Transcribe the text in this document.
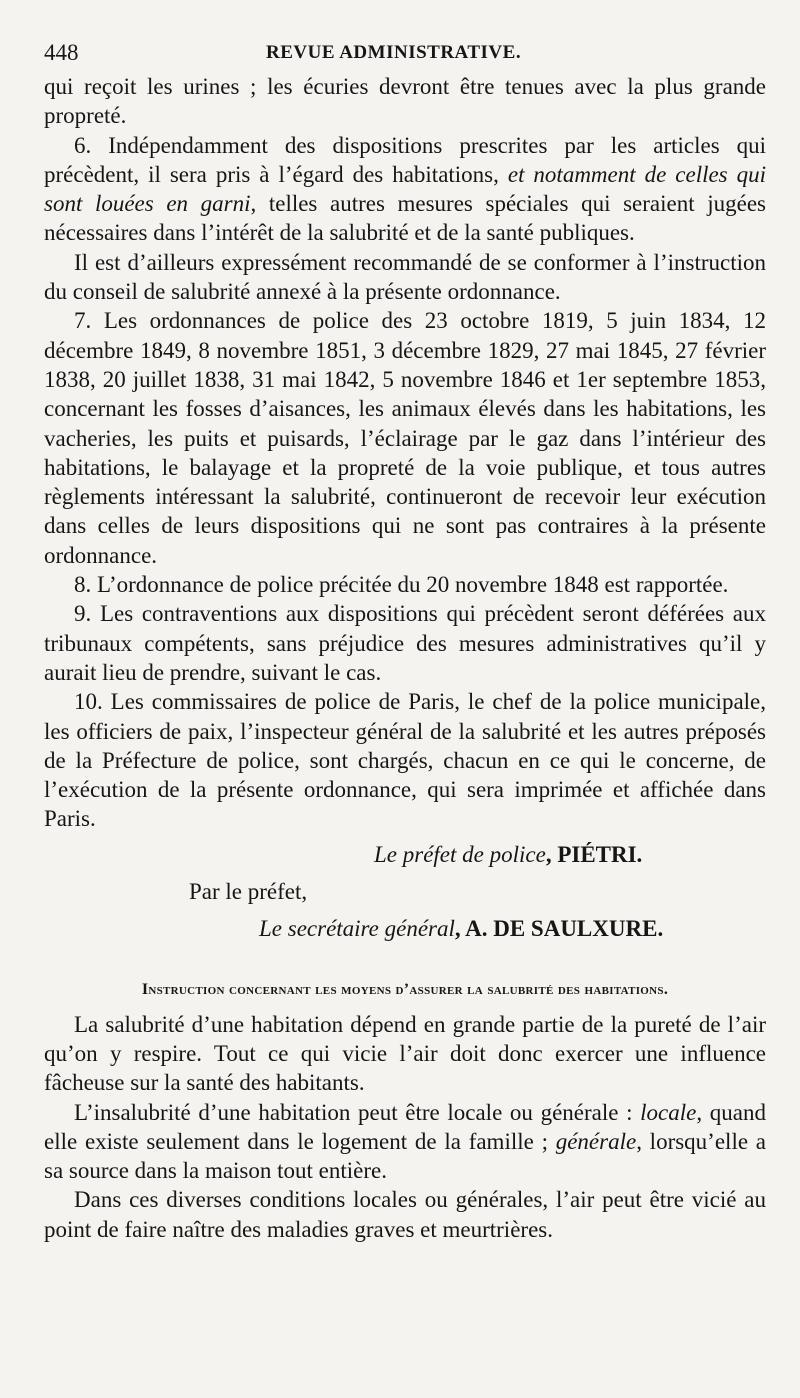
448	REVUE ADMINISTRATIVE.

qui reçoit les urines ; les écuries devront être tenues avec la plus grande propreté.

6. Indépendamment des dispositions prescrites par les articles qui précèdent, il sera pris à l’égard des habitations, et notamment de celles qui sont louées en garni, telles autres mesures spéciales qui seraient jugées nécessaires dans l’intérêt de la salubrité et de la santé publiques.

Il est d’ailleurs expressément recommandé de se conformer à l’instruction du conseil de salubrité annexé à la présente ordonnance.

7. Les ordonnances de police des 23 octobre 1819, 5 juin 1834, 12 décembre 1849, 8 novembre 1851, 3 décembre 1829, 27 mai 1845, 27 février 1838, 20 juillet 1838, 31 mai 1842, 5 novembre 1846 et 1er septembre 1853, concernant les fosses d’aisances, les animaux élevés dans les habitations, les vacheries, les puits et puisards, l’éclairage par le gaz dans l’intérieur des habitations, le balayage et la propreté de la voie publique, et tous autres règlements intéressant la salubrité, continueront de recevoir leur exécution dans celles de leurs dispositions qui ne sont pas contraires à la présente ordonnance.

8. L’ordonnance de police précitée du 20 novembre 1848 est rapportée.

9. Les contraventions aux dispositions qui précèdent seront déférées aux tribunaux compétents, sans préjudice des mesures administratives qu’il y aurait lieu de prendre, suivant le cas.

10. Les commissaires de police de Paris, le chef de la police municipale, les officiers de paix, l’inspecteur général de la salubrité et les autres préposés de la Préfecture de police, sont chargés, chacun en ce qui le concerne, de l’exécution de la présente ordonnance, qui sera imprimée et affichée dans Paris.

Le préfet de police, PIÉTRI.
Par le préfet,
Le secrétaire général, A. DE SAULXURE.
Instruction concernant les moyens d’assurer la salubrité des habitations.

La salubrité d’une habitation dépend en grande partie de la pureté de l’air qu’on y respire. Tout ce qui vicie l’air doit donc exercer une influence fâcheuse sur la santé des habitants.

L’insalubrité d’une habitation peut être locale ou générale : locale, quand elle existe seulement dans le logement de la famille ; générale, lorsqu’elle a sa source dans la maison tout entière.

Dans ces diverses conditions locales ou générales, l’air peut être vicié au point de faire naître des maladies graves et meurtrières.
